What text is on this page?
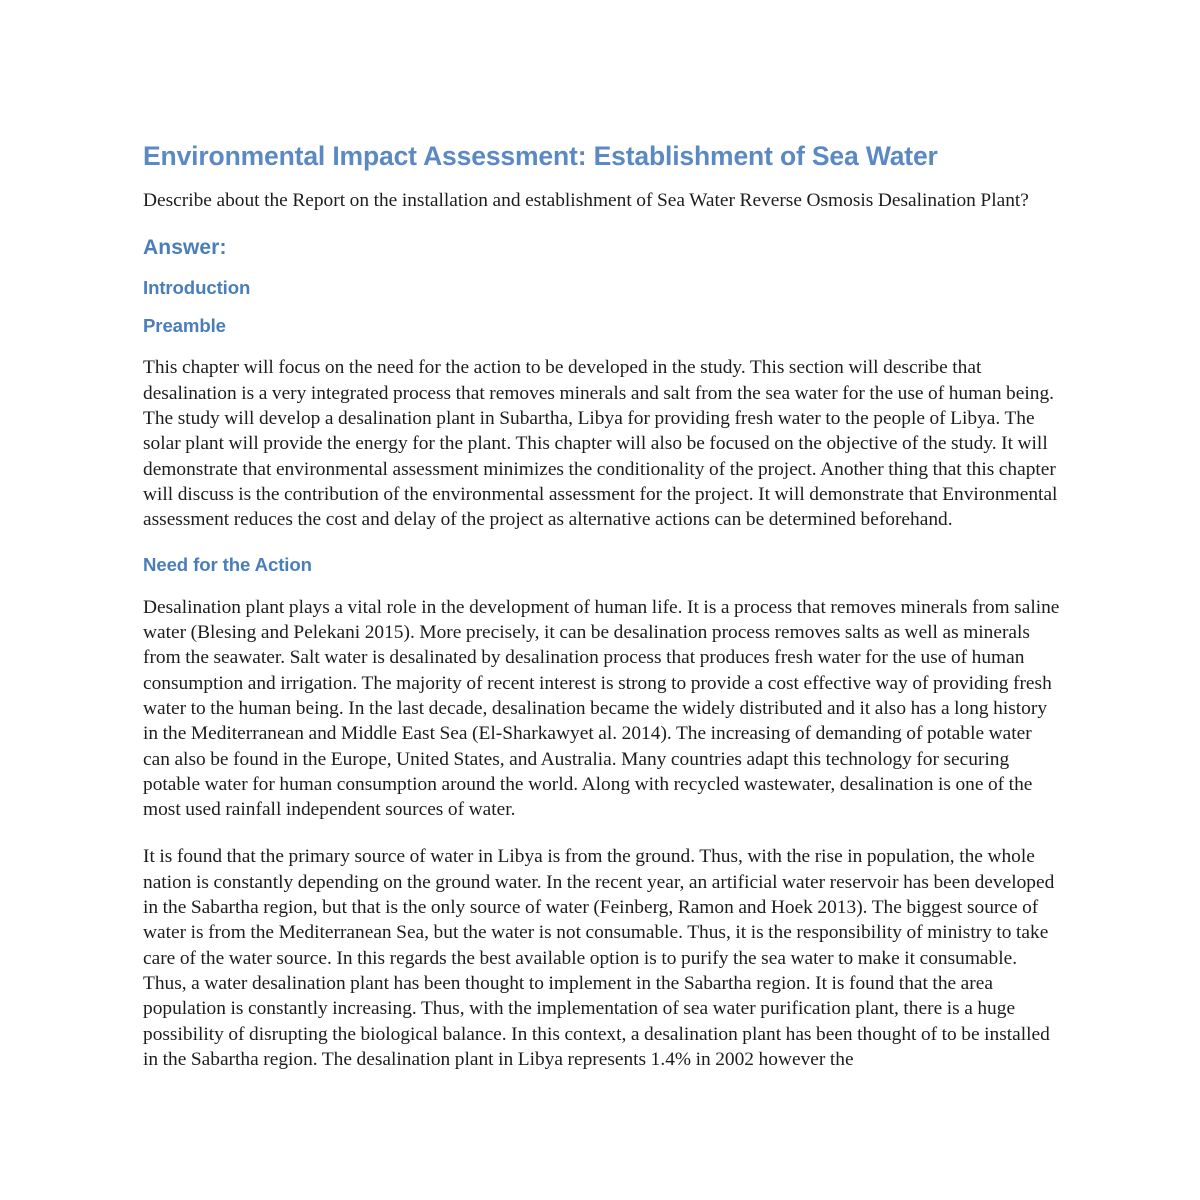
Environmental Impact Assessment: Establishment of Sea Water

Describe about the Report on the installation and establishment of Sea Water Reverse Osmosis Desalination Plant?

Answer:
Introduction
Preamble

This chapter will focus on the need for the action to be developed in the study. This section will describe that desalination is a very integrated process that removes minerals and salt from the sea water for the use of human being. The study will develop a desalination plant in Subartha, Libya for providing fresh water to the people of Libya. The solar plant will provide the energy for the plant. This chapter will also be focused on the objective of the study. It will demonstrate that environmental assessment minimizes the conditionality of the project. Another thing that this chapter will discuss is the contribution of the environmental assessment for the project. It will demonstrate that Environmental assessment reduces the cost and delay of the project as alternative actions can be determined beforehand.

Need for the Action

Desalination plant plays a vital role in the development of human life. It is a process that removes minerals from saline water (Blesing and Pelekani 2015). More precisely, it can be desalination process removes salts as well as minerals from the seawater. Salt water is desalinated by desalination process that produces fresh water for the use of human consumption and irrigation. The majority of recent interest is strong to provide a cost effective way of providing fresh water to the human being. In the last decade, desalination became the widely distributed and it also has a long history in the Mediterranean and Middle East Sea (El-Sharkawyet al. 2014). The increasing of demanding of potable water can also be found in the Europe, United States, and Australia. Many countries adapt this technology for securing potable water for human consumption around the world. Along with recycled wastewater, desalination is one of the most used rainfall independent sources of water.

It is found that the primary source of water in Libya is from the ground. Thus, with the rise in population, the whole nation is constantly depending on the ground water. In the recent year, an artificial water reservoir has been developed in the Sabartha region, but that is the only source of water (Feinberg, Ramon and Hoek 2013). The biggest source of water is from the Mediterranean Sea, but the water is not consumable. Thus, it is the responsibility of ministry to take care of the water source. In this regards the best available option is to purify the sea water to make it consumable. Thus, a water desalination plant has been thought to implement in the Sabartha region. It is found that the area population is constantly increasing. Thus, with the implementation of sea water purification plant, there is a huge possibility of disrupting the biological balance. In this context, a desalination plant has been thought of to be installed in the Sabartha region. The desalination plant in Libya represents 1.4% in 2002 however the
